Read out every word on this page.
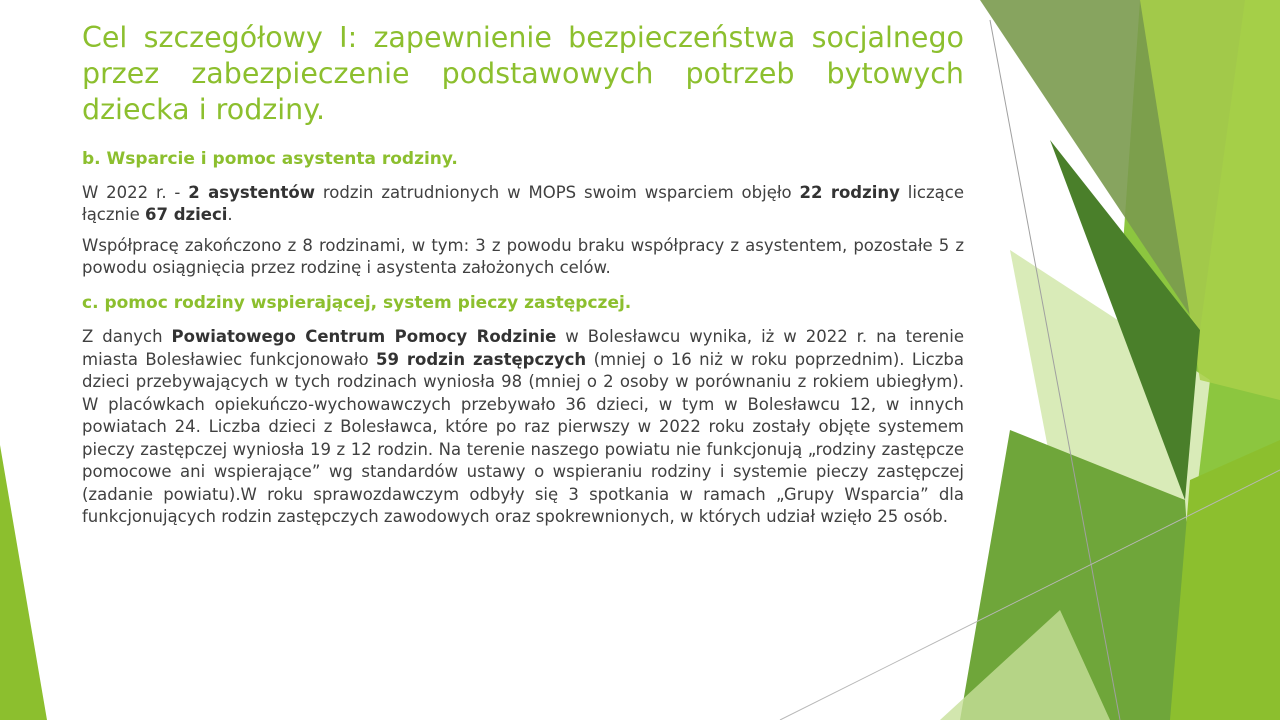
Cel szczegółowy I: zapewnienie bezpieczeństwa socjalnego przez zabezpieczenie podstawowych potrzeb bytowych dziecka i rodziny.
b. Wsparcie i pomoc asystenta rodziny.

W 2022 r. - 2 asystentów rodzin zatrudnionych w MOPS swoim wsparciem objęło 22 rodziny liczące łącznie 67 dzieci.

Współpracę zakończono z 8 rodzinami, w tym: 3 z powodu braku współpracy z asystentem, pozostałe 5 z powodu osiągnięcia przez rodzinę i asystenta założonych celów.

c. pomoc rodziny wspierającej, system pieczy zastępczej.

Z danych Powiatowego Centrum Pomocy Rodzinie w Bolesławcu wynika, iż w 2022 r. na terenie miasta Bolesławiec funkcjonowało 59 rodzin zastępczych (mniej o 16 niż w roku poprzednim). Liczba dzieci przebywających w tych rodzinach wyniosła 98 (mniej o 2 osoby w porównaniu z rokiem ubiegłym). W placówkach opiekuńczo-wychowawczych przebywało 36 dzieci, w tym w Bolesławcu 12, w innych powiatach 24. Liczba dzieci z Bolesławca, które po raz pierwszy w 2022 roku zostały objęte systemem pieczy zastępczej wyniosła 19 z 12 rodzin. Na terenie naszego powiatu nie funkcjonują „rodziny zastępcze pomocowe ani wspierające” wg standardów ustawy o wspieraniu rodziny i systemie pieczy zastępczej (zadanie powiatu).W roku sprawozdawczym odbyły się 3 spotkania w ramach „Grupy Wsparcia” dla funkcjonujących rodzin zastępczych zawodowych oraz spokrewnionych, w których udział wzięło 25 osób.
